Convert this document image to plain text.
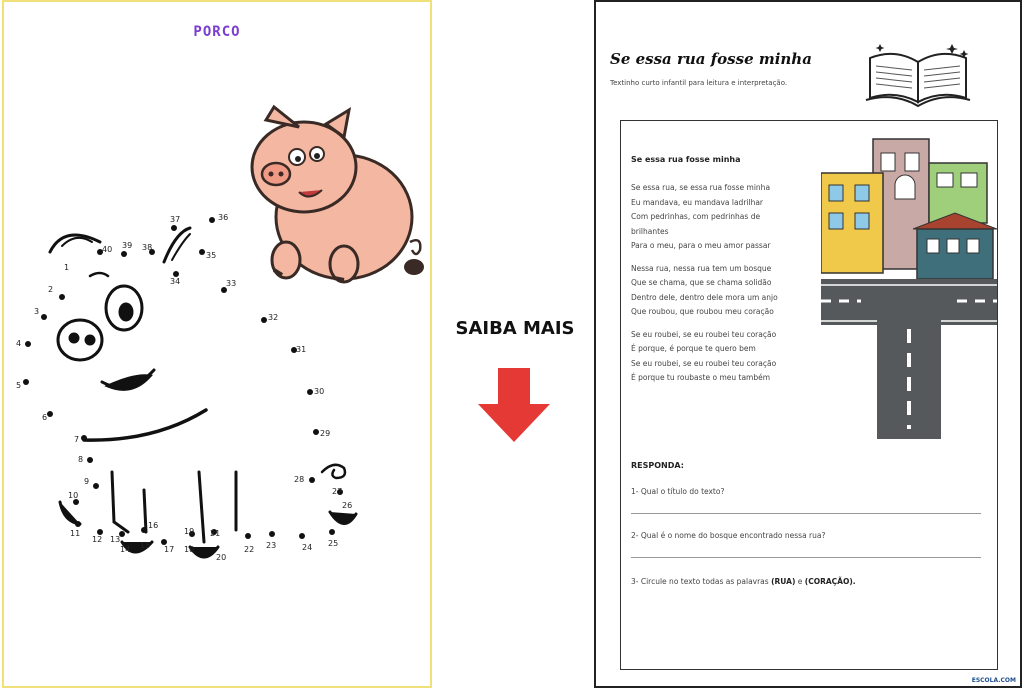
PORCO
1
2
3
4
5
6
7
8
9
10
11
12 13
14 15
16
17 18
19
20
21
22 23	24 25
26
27
28
29
30
31
32
33
34
35
36
37
38
39
40
SAIBA MAIS
Se essa rua fosse minha
Textinho curto infantil para leitura e interpretação.
Se essa rua fosse minha
Se essa rua, se essa rua fosse minha
Eu mandava, eu mandava ladrilhar
Com pedrinhas, com pedrinhas de
brilhantes
Para o meu, para o meu amor passar
Nessa rua, nessa rua tem um bosque
Que se chama, que se chama solidão
Dentro dele, dentro dele mora um anjo
Que roubou, que roubou meu coração
Se eu roubei, se eu roubei teu coração
É porque, é porque te quero bem
Se eu roubei, se eu roubei teu coração
É porque tu roubaste o meu também
RESPONDA:
1- Qual o título do texto?
2- Qual é o nome do bosque encontrado nessa rua?
3- Circule no texto todas as palavras (RUA) e (CORAÇÃO).
ESCOLA.COM
